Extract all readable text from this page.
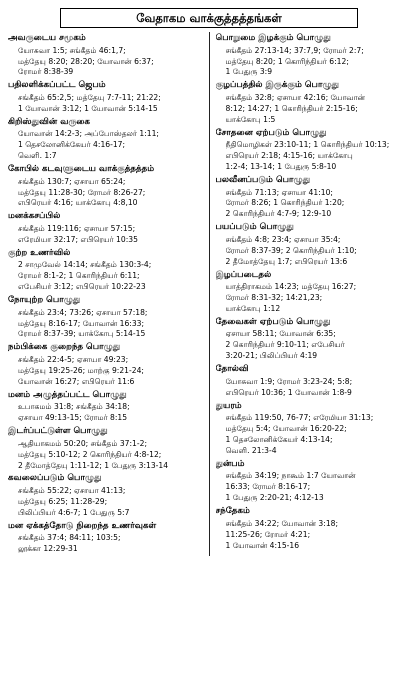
வேதாகம வாக்குத்தத்தங்கள்
அவருடைய சமூகம்
யோசுவா 1:5; சங்கீதம் 46:1,7;
மத்தேயு 8:20; 28:20; யோவான் 6:37;
ரோமர் 8:38-39
பதிலளிக்கப்பட்ட ஜெபம்
சங்கீதம் 65:2,5; மத்தேயு 7:7-11; 21:22;
1 யோவான் 3:12; 1 யோவான் 5:14-15
கிறிஸ்துவின் வருகை
யோவான் 14:2-3; அப்போஸ்தலர் 1:11;
1 தெசலோனிக்கேயர் 4:16-17;
வெளி. 1:7
கோபில் கடவுளுடைய வாக்குத்தத்தம்
சங்கீதம் 130:7; ஏசாயா 65:24;
மத்தேயு 11:28-30; ரோமர் 8:26-27;
எபிரெயர் 4:16; யாக்கோபு 4:8,10
மனக்கசப்பில்
சங்கீதம் 119:116; ஏசாயா 57:15;
எரேமியா 32:17; எபிரெயர் 10:35
குற்ற உணர்வில்
2 சாமுவேல் 14:14; சங்கீதம் 130:3-4;
ரோமர் 8:1-2; 1 கொரிந்தியர் 6:11;
எபேசியர் 3:12; எபிரெயர் 10:22-23
நோயுற்ற பொழுது
சங்கீதம் 23:4; 73:26; ஏசாயா 57:18;
மத்தேயு 8:16-17; யோவான் 16:33;
ரோமர் 8:37-39; யாக்கோபு 5:14-15
நம்பிக்கை குறைந்த பொழுது
சங்கீதம் 22:4-5; ஏசாயா 49:23;
மத்தேயு 19:25-26; மாற்கு 9:21-24;
யோவான் 16:27; எபிரெயர் 11:6
மனம் அழுத்தப்பட்ட பொழுது
உபாகமம் 31:8; சங்கீதம் 34:18;
ஏசாயா 49:13-15; ரோமர் 8:15
இடர்ப்பட்டுள்ள பொழுது
ஆதியாகமம் 50:20; சங்கீதம் 37:1-2;
மத்தேயு 5:10-12; 2 கொரிந்தியர் 4:8-12;
2 தீமோத்தேயு 1:11-12; 1 பேதுரு 3:13-14
கவலைப்படும் பொழுது
சங்கீதம் 55:22; ஏசாயா 41:13;
மத்தேயு 6:25; 11:28-29;
பிலிப்பியர் 4:6-7; 1 பேதுரு 5:7
மன ஏக்கத்தோடு நிறைந்த உணர்வுகள்
சங்கீதம் 37:4; 84:11; 103:5;
லூக்கா 12:29-31
பொறுமை இழக்கும் பொழுது
சங்கீதம் 27:13-14; 37:7,9; ரோமர் 2:7;
மத்தேயு 8:20; 1 கொரிந்தியர் 6:12;
1 பேதுரு 3:9
குழப்பத்தில் இருக்கும் பொழுது
சங்கீதம் 32:8; ஏசாயா 42:16; யோவான்
8:12; 14:27; 1 கொரிந்தியர் 2:15-16;
யாக்கோபு 1:5
சோதனை ஏற்படும் பொழுது
நீதிமொழிகள் 23:10-11; 1 கொரிந்தியர் 10:13;
எபிரெயர் 2:18; 4:15-16; யாக்கோபு
1:2-4; 13-14; 1 பேதுரு 5:8-10
பலவீனப்படும் பொழுது
சங்கீதம் 71:13; ஏசாயா 41:10;
ரோமர் 8:26; 1 கொரிந்தியர் 1:20;
2 கொரிந்தியர் 4:7-9; 12:9-10
பயப்படும் பொழுது
சங்கீதம் 4:8; 23:4; ஏசாயா 35:4;
ரோமர் 8:37-39; 2 கொரிந்தியர் 1:10;
2 தீமோத்தேயு 1:7; எபிரெயர் 13:6
இழப்படைதல்
யாத்திராகமம் 14:23; மத்தேயு 16:27;
ரோமர் 8:31-32; 14:21,23;
யாக்கோபு 1:12
தேவைகள் ஏற்படும் பொழுது
ஏசாயா 58:11; யோவான் 6:35;
2 கொரிந்தியர் 9:10-11; எபேசியர்
3:20-21; பிலிப்பியர் 4:19
தோல்வி
யோசுவா 1:9; ரோமர் 3:23-24; 5:8;
எபிரெயர் 10:36; 1 யோவான் 1:8-9
துயரம்
சங்கீதம் 119:50, 76-77; எரேமியா 31:13;
மத்தேயு 5:4; யோவான் 16:20-22;
1 தெசலோனிக்கேயர் 4:13-14;
வெளி. 21:3-4
துன்பம்
சங்கீதம் 34:19; நாகூம் 1:7 யோவான்
16:33; ரோமர் 8:16-17;
1 பேதுரு 2:20-21; 4:12-13
சந்தேகம்
சங்கீதம் 34:22; யோவான் 3:18;
11:25-26; ரோமர் 4:21;
1 யோவான் 4:15-16
